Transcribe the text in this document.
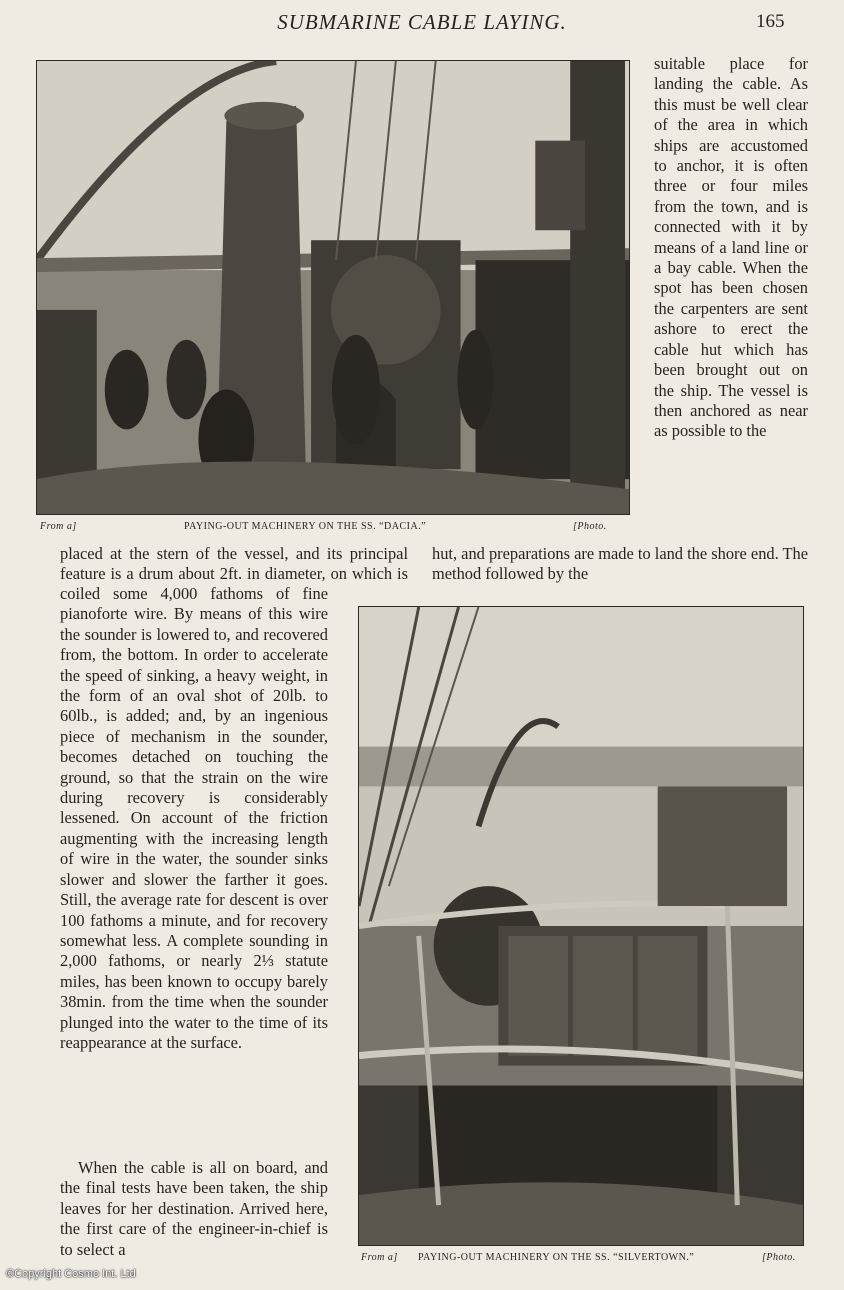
SUBMARINE CABLE LAYING.	165
From a]	PAYING-OUT MACHINERY ON THE SS. “DACIA.”	[Photo.

suitable place for landing the cable. As this must be well clear of the area in which ships are accustomed to anchor, it is often three or four miles from the town, and is connected with it by means of a land line or a bay cable. When the spot has been chosen the carpenters are sent ashore to erect the cable hut which has been brought out on the ship. The vessel is then anchored as near as possible to the

hut, and preparations are made to land the shore end. The method followed by the

coiled some 4,000 fathoms of fine pianoforte wire. By means of this wire the sounder is lowered to, and recovered from, the bottom. In order to accelerate the speed of sinking, a heavy weight, in the form of an oval shot of 20lb. to 60lb., is added; and, by an ingenious piece of mechanism in the sounder, becomes detached on touching the ground, so that the strain on the wire during recovery is considerably lessened. On account of the friction augmenting with the increasing length of wire in the water, the sounder sinks slower and slower the farther it goes. Still, the average rate for descent is over 100 fathoms a minute, and for recovery somewhat less. A complete sounding in 2,000 fathoms, or nearly 2⅓ statute miles, has been known to occupy barely 38min. from the time when the sounder plunged into the water to the time of its reappearance at the surface.

placed at the stern of the vessel, and its principal feature is a drum about 2ft. in diameter, on which is
From a] PAYING-OUT MACHINERY ON THE SS. “SILVERTOWN.”	[Photo.

When the cable is all on board, and the final tests have been taken, the ship leaves for her destination. Arrived here, the first care of the engineer-in-chief is to select a

©Copyright Cosmo Int. Ltd
